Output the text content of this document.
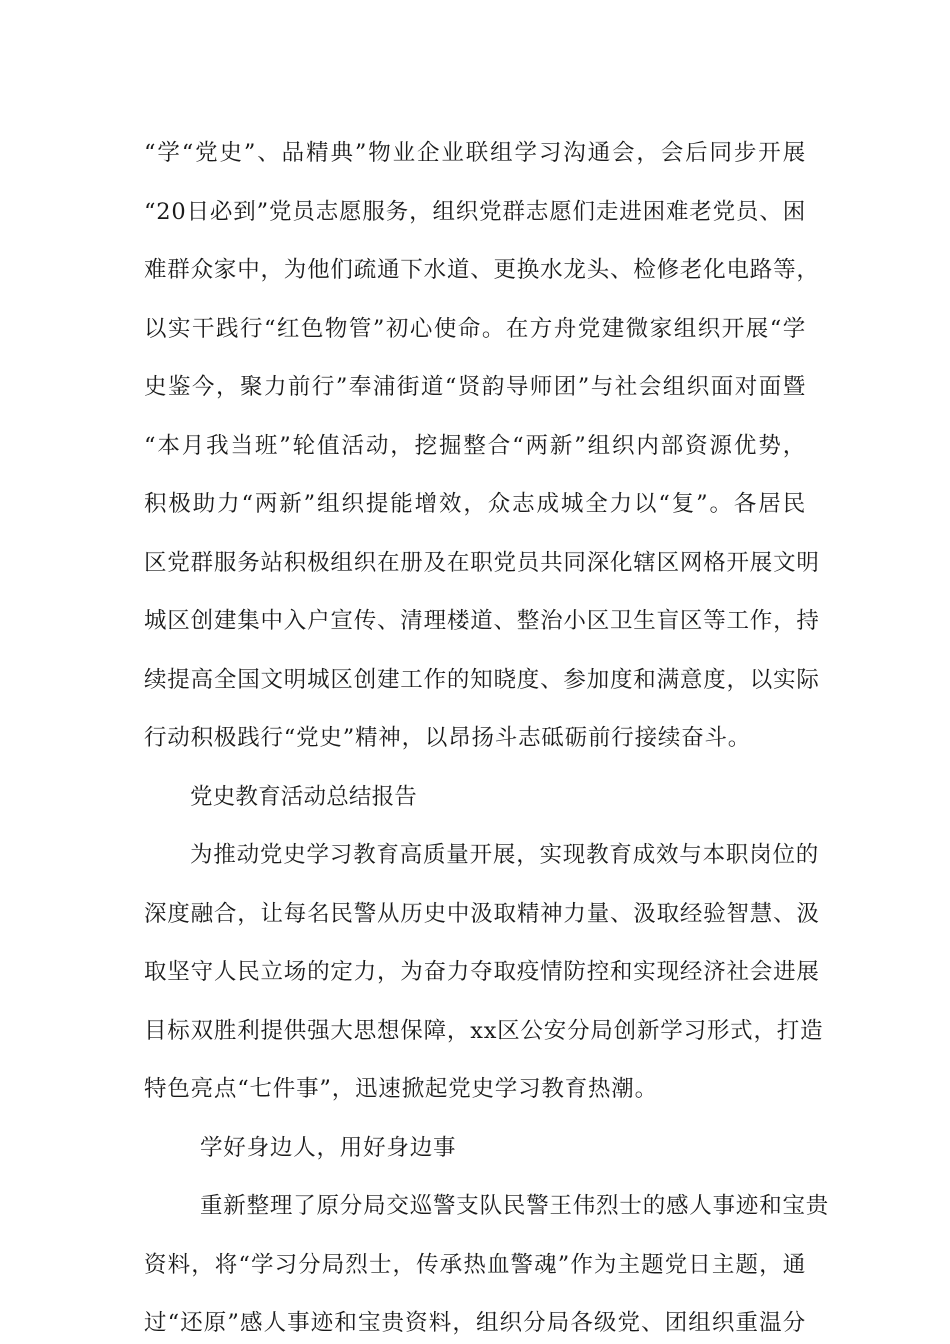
“学“党史”、品精典”物业企业联组学习沟通会，会后同步开展
“20日必到”党员志愿服务，组织党群志愿们走进困难老党员、困
难群众家中，为他们疏通下水道、更换水龙头、检修老化电路等，
以实干践行“红色物管”初心使命。在方舟党建微家组织开展“学
史鉴今，聚力前行”奉浦街道“贤韵导师团”与社会组织面对面暨
“本月我当班”轮值活动，挖掘整合“两新”组织内部资源优势，
积极助力“两新”组织提能增效，众志成城全力以“复”。各居民
区党群服务站积极组织在册及在职党员共同深化辖区网格开展文明
城区创建集中入户宣传、清理楼道、整治小区卫生盲区等工作，持
续提高全国文明城区创建工作的知晓度、参加度和满意度，以实际
行动积极践行“党史”精神，以昂扬斗志砥砺前行接续奋斗。
党史教育活动总结报告
为推动党史学习教育高质量开展，实现教育成效与本职岗位的
深度融合，让每名民警从历史中汲取精神力量、汲取经验智慧、汲
取坚守人民立场的定力，为奋力夺取疫情防控和实现经济社会进展
目标双胜利提供强大思想保障，xx区公安分局创新学习形式，打造
特色亮点“七件事”，迅速掀起党史学习教育热潮。
学好身边人，用好身边事
重新整理了原分局交巡警支队民警王伟烈士的感人事迹和宝贵
资料，将“学习分局烈士，传承热血警魂”作为主题党日主题，通
过“还原”感人事迹和宝贵资料，组织分局各级党、团组织重温分
